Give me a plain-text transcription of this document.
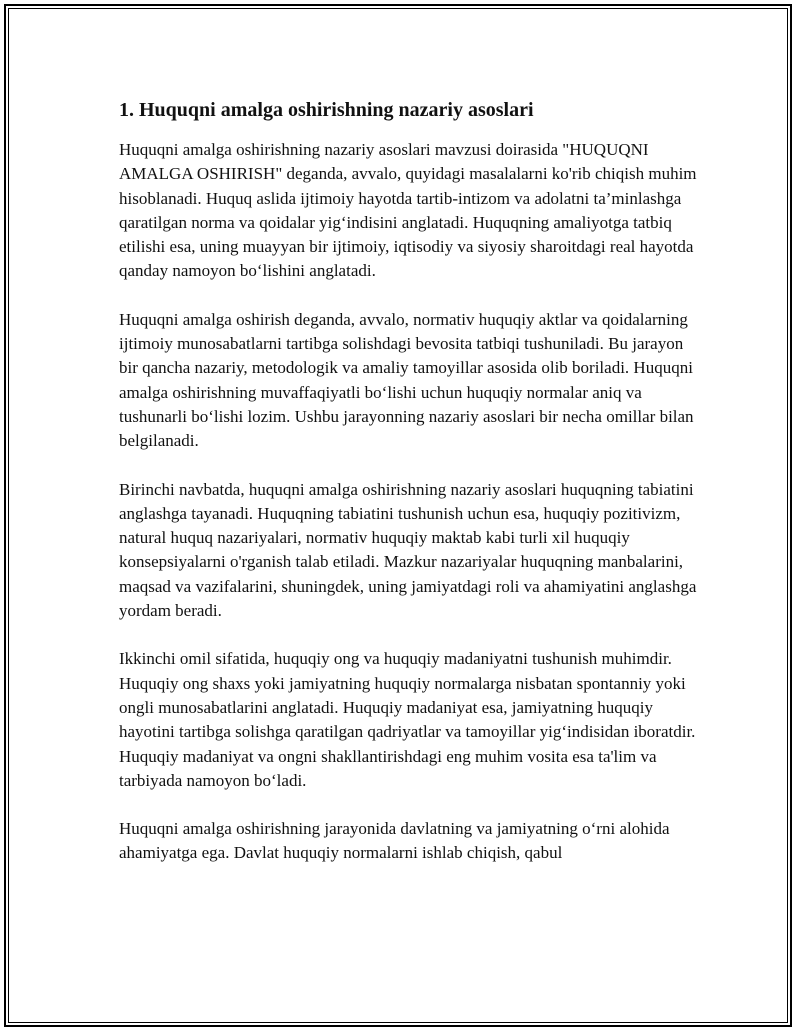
1. Huquqni amalga oshirishning nazariy asoslari

Huquqni amalga oshirishning nazariy asoslari mavzusi doirasida "HUQUQNI AMALGA OSHIRISH" deganda, avvalo, quyidagi masalalarni ko'rib chiqish muhim hisoblanadi. Huquq aslida ijtimoiy hayotda tartib-intizom va adolatni ta’minlashga qaratilgan norma va qoidalar yig‘indisini anglatadi. Huquqning amaliyotga tatbiq etilishi esa, uning muayyan bir ijtimoiy, iqtisodiy va siyosiy sharoitdagi real hayotda qanday namoyon bo‘lishini anglatadi.

Huquqni amalga oshirish deganda, avvalo, normativ huquqiy aktlar va qoidalarning ijtimoiy munosabatlarni tartibga solishdagi bevosita tatbiqi tushuniladi. Bu jarayon bir qancha nazariy, metodologik va amaliy tamoyillar asosida olib boriladi. Huquqni amalga oshirishning muvaffaqiyatli bo‘lishi uchun huquqiy normalar aniq va tushunarli bo‘lishi lozim. Ushbu jarayonning nazariy asoslari bir necha omillar bilan belgilanadi.

Birinchi navbatda, huquqni amalga oshirishning nazariy asoslari huquqning tabiatini anglashga tayanadi. Huquqning tabiatini tushunish uchun esa, huquqiy pozitivizm, natural huquq nazariyalari, normativ huquqiy maktab kabi turli xil huquqiy konsepsiyalarni o'rganish talab etiladi. Mazkur nazariyalar huquqning manbalarini, maqsad va vazifalarini, shuningdek, uning jamiyatdagi roli va ahamiyatini anglashga yordam beradi.

Ikkinchi omil sifatida, huquqiy ong va huquqiy madaniyatni tushunish muhimdir. Huquqiy ong shaxs yoki jamiyatning huquqiy normalarga nisbatan spontanniy yoki ongli munosabatlarini anglatadi. Huquqiy madaniyat esa, jamiyatning huquqiy hayotini tartibga solishga qaratilgan qadriyatlar va tamoyillar yig‘indisidan iboratdir. Huquqiy madaniyat va ongni shakllantirishdagi eng muhim vosita esa ta'lim va tarbiyada namoyon bo‘ladi.

Huquqni amalga oshirishning jarayonida davlatning va jamiyatning o‘rni alohida ahamiyatga ega. Davlat huquqiy normalarni ishlab chiqish, qabul
